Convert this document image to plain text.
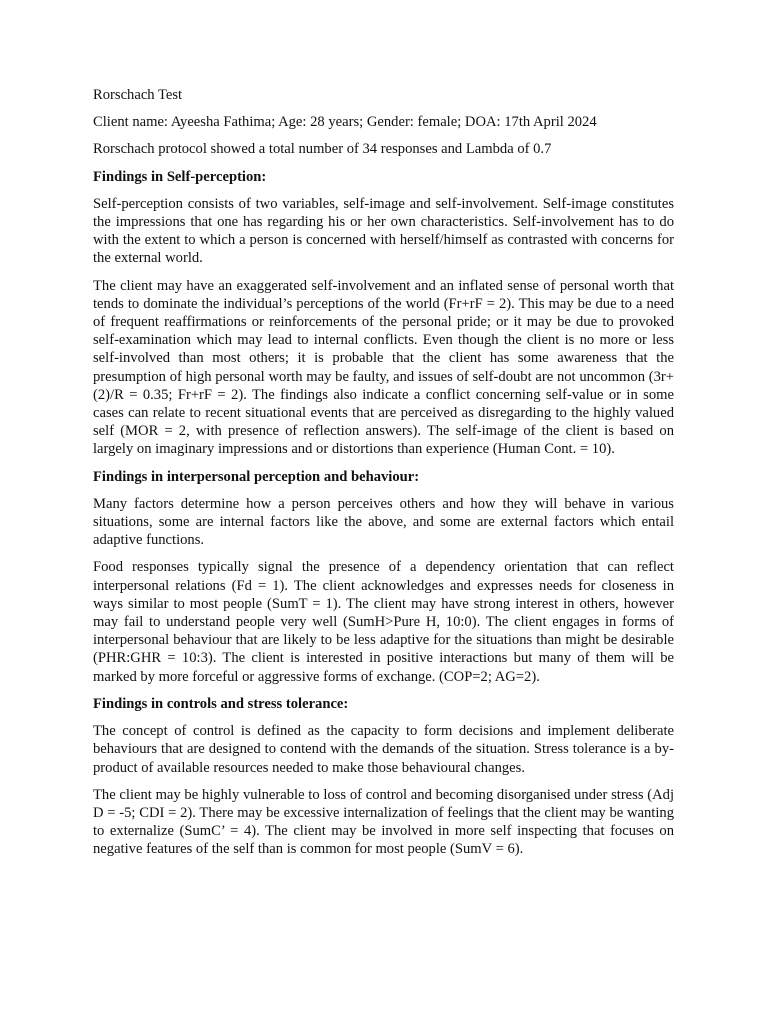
Rorschach Test
Client name: Ayeesha Fathima; Age: 28 years; Gender: female; DOA: 17th April 2024
Rorschach protocol showed a total number of 34 responses and Lambda of 0.7
Findings in Self-perception:

Self-perception consists of two variables, self-image and self-involvement. Self-image constitutes the impressions that one has regarding his or her own characteristics. Self-involvement has to do with the extent to which a person is concerned with herself/himself as contrasted with concerns for the external world.

The client may have an exaggerated self-involvement and an inflated sense of personal worth that tends to dominate the individual’s perceptions of the world (Fr+rF = 2). This may be due to a need of frequent reaffirmations or reinforcements of the personal pride; or it may be due to provoked self-examination which may lead to internal conflicts. Even though the client is no more or less self-involved than most others; it is probable that the client has some awareness that the presumption of high personal worth may be faulty, and issues of self-doubt are not uncommon (3r+(2)/R = 0.35; Fr+rF = 2). The findings also indicate a conflict concerning self-value or in some cases can relate to recent situational events that are perceived as disregarding to the highly valued self (MOR = 2, with presence of reflection answers). The self-image of the client is based on largely on imaginary impressions and or distortions than experience (Human Cont. = 10).

Findings in interpersonal perception and behaviour:

Many factors determine how a person perceives others and how they will behave in various situations, some are internal factors like the above, and some are external factors which entail adaptive functions.

Food responses typically signal the presence of a dependency orientation that can reflect interpersonal relations (Fd = 1). The client acknowledges and expresses needs for closeness in ways similar to most people (SumT = 1). The client may have strong interest in others, however may fail to understand people very well (SumH>Pure H, 10:0). The client engages in forms of interpersonal behaviour that are likely to be less adaptive for the situations than might be desirable (PHR:GHR = 10:3). The client is interested in positive interactions but many of them will be marked by more forceful or aggressive forms of exchange. (COP=2; AG=2).

Findings in controls and stress tolerance:

The concept of control is defined as the capacity to form decisions and implement deliberate behaviours that are designed to contend with the demands of the situation. Stress tolerance is a by-product of available resources needed to make those behavioural changes.

The client may be highly vulnerable to loss of control and becoming disorganised under stress (Adj D = -5; CDI = 2). There may be excessive internalization of feelings that the client may be wanting to externalize (SumC’ = 4). The client may be involved in more self inspecting that focuses on negative features of the self than is common for most people (SumV = 6).
